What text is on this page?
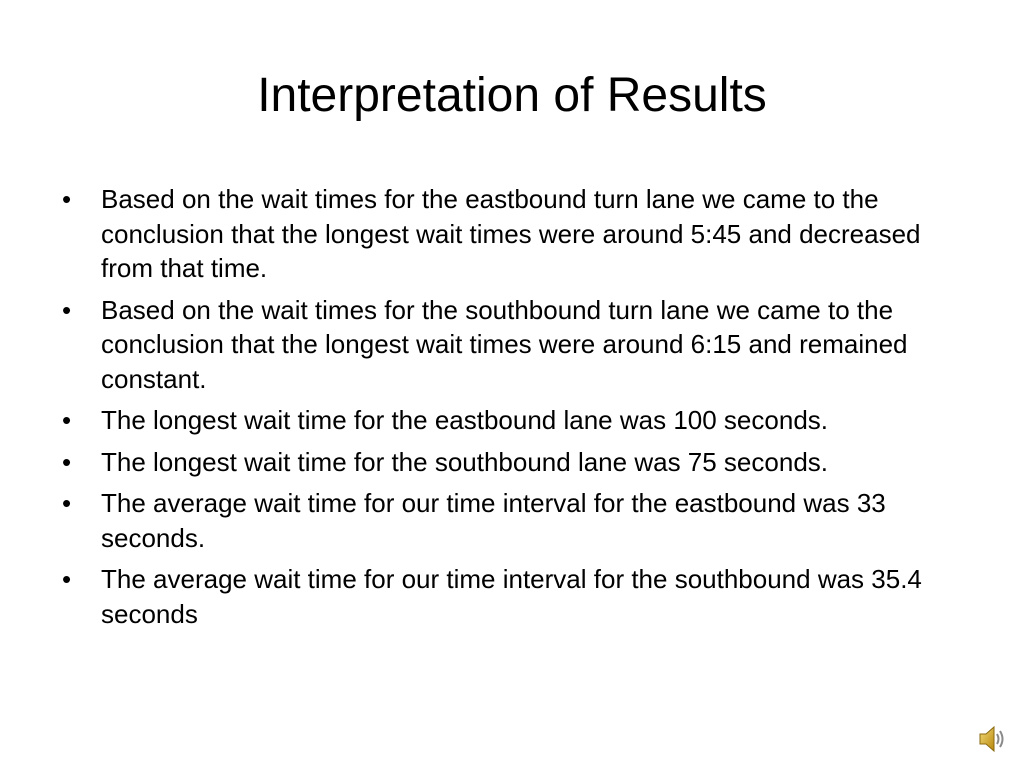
Interpretation of Results
• Based on the wait times for the eastbound turn lane we came to the conclusion that the longest wait times were around 5:45 and decreased from that time.
• Based on the wait times for the southbound turn lane we came to the conclusion that the longest wait times were around 6:15 and remained constant.
• The longest wait time for the eastbound lane was 100 seconds.
• The longest wait time for the southbound lane was 75 seconds.
• The average wait time for our time interval for the eastbound was 33 seconds.
• The average wait time for our time interval for the southbound was 35.4 seconds
